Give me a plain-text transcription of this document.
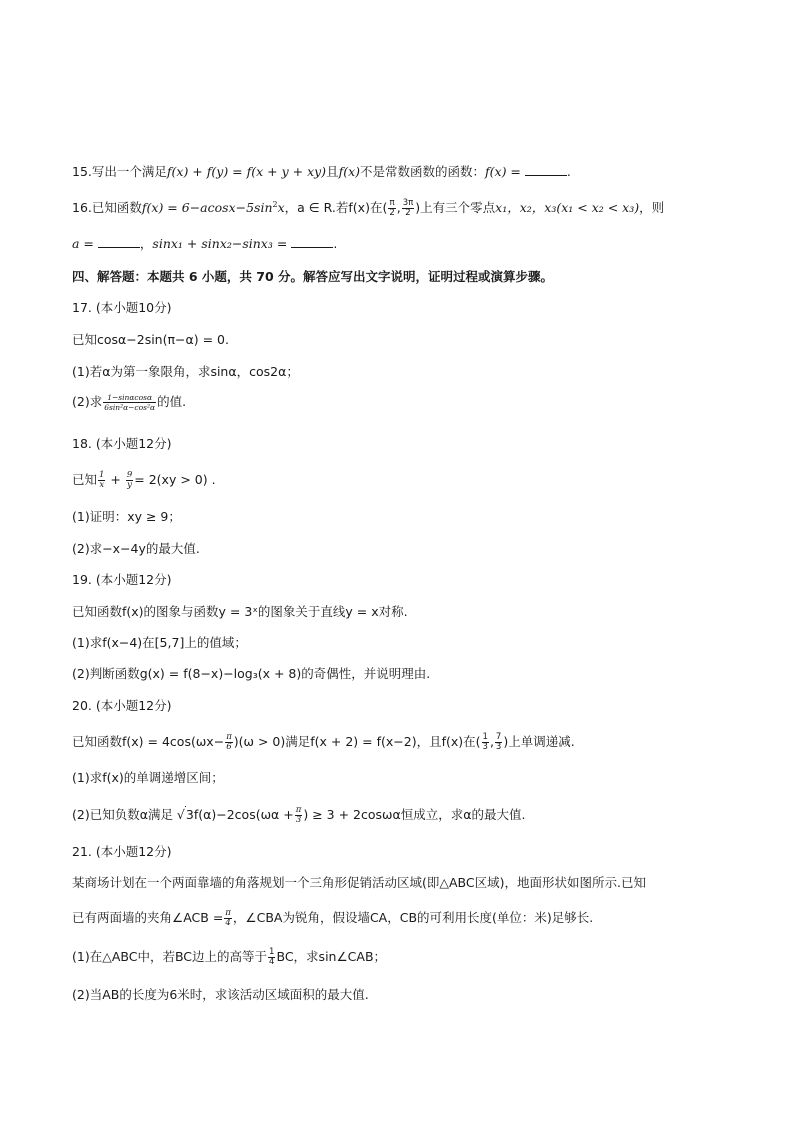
15.写出一个满足f(x) + f(y) = f(x + y + xy)且f(x)不是常数函数的函数：f(x) =	.
16.已知函数$f(x) = 6-acosx-5\sin^2x$，a ∈ R.若f(x)在( $\frac{\pi}{2}$ , $\frac{3\pi}{2}$ )上有三个零点x₁，x₂，x₃(x₁ < x₂ < x₃)，则
a =	，sinx₁ + sinx₂−sinx₃ =	.
四、解答题：本题共 6 小题，共 70 分。解答应写出文字说明，证明过程或演算步骤。
17. (本小题10分)
已知cosα−2sin(π−α) = 0.
(1)若α为第一象限角，求sinα，cos2α；
(2)求 $\frac{1-\sin\alpha\cos\alpha}{\text{6sin²α−cos²α}}$ 的值.
18. (本小题12分)
已知 $\frac{1}{x} + \frac{9}{y} = 2(xy > 0)$ .
(1)证明：xy ≥ 9；
(2)求−x−4y的最大值.
19. (本小题12分)
已知函数f(x)的图象与函数y = 3ˣ的图象关于直线y = x对称.
(1)求f(x−4)在[5,7]上的值域；
(2)判断函数g(x) = f(8−x)−log₃(x + 8)的奇偶性，并说明理由.
20. (本小题12分)
已知函数$f(x) = 4\cos(\omega x- \frac{\pi}{6} )(\omega > 0)$满足f(x + 2) = f(x−2)，且f(x)在( $\frac{1}{3}$ , $\frac{7}{3}$ )上单调递减.
(1)求f(x)的单调递增区间；
(2)已知负数α满足 $√3f(\alpha)-2\cos(\omega\alpha + \frac{\pi}{3}$ ) ≥ 3 + 2cosωα恒成立，求α的最大值.
21. (本小题12分)
某商场计划在一个两面靠墙的角落规划一个三角形促销活动区域(即△ABC区域)，地面形状如图所示.已知
已有两面墙的夹角∠ACB = $\frac{\pi}{4}$ ，∠CBA为锐角，假设墙CA，CB的可利用长度(单位：米)足够长.
(1)在△ABC中，若BC边上的高等于 $\frac{1}{4}$ BC，求sin∠CAB；
(2)当AB的长度为6米时，求该活动区域面积的最大值.
